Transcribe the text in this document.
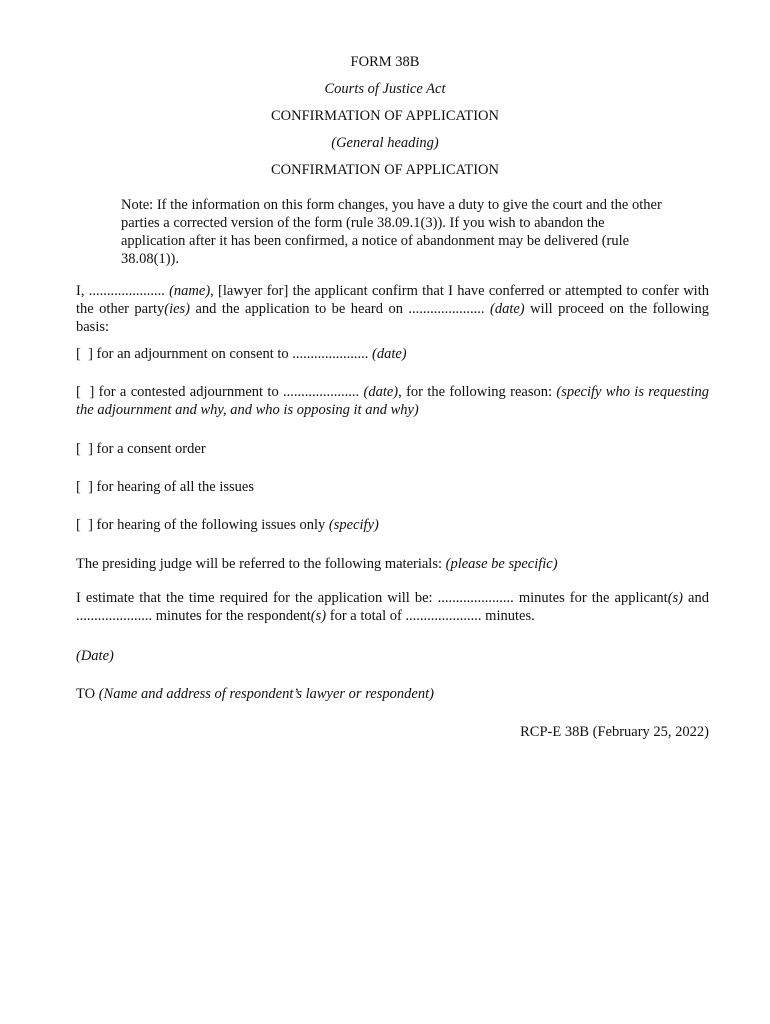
FORM 38B
Courts of Justice Act
CONFIRMATION OF APPLICATION
(General heading)
CONFIRMATION OF APPLICATION
Note: If the information on this form changes, you have a duty to give the court and the other parties a corrected version of the form (rule 38.09.1(3)). If you wish to abandon the application after it has been confirmed, a notice of abandonment may be delivered (rule 38.08(1)).
I, ..................... (name), [lawyer for] the applicant confirm that I have conferred or attempted to confer with the other party(ies) and the application to be heard on ..................... (date) will proceed on the following basis:
[  ] for an adjournment on consent to ..................... (date)
[  ] for a contested adjournment to ..................... (date), for the following reason: (specify who is requesting the adjournment and why, and who is opposing it and why)
[  ] for a consent order
[  ] for hearing of all the issues
[  ] for hearing of the following issues only (specify)
The presiding judge will be referred to the following materials: (please be specific)
I estimate that the time required for the application will be: ..................... minutes for the applicant(s) and ..................... minutes for the respondent(s) for a total of ..................... minutes.
(Date)
TO (Name and address of respondent’s lawyer or respondent)
RCP-E 38B (February 25, 2022)
